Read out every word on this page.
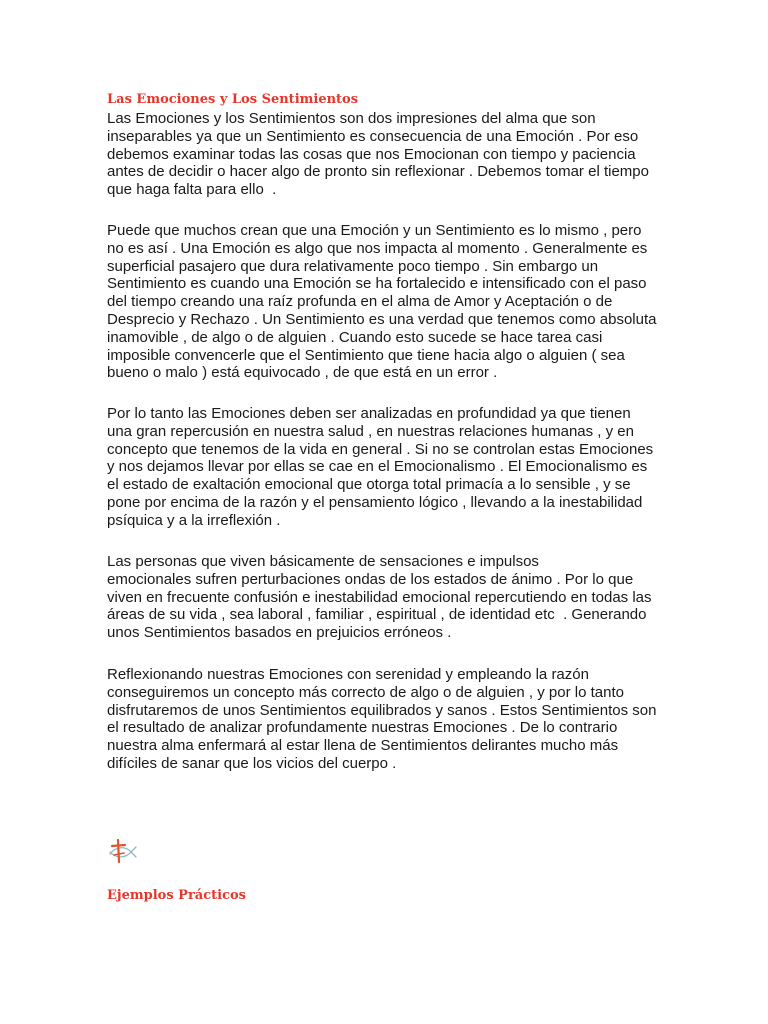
Las Emociones y Los Sentimientos
Las Emociones y los Sentimientos son dos impresiones del alma que son
inseparables ya que un Sentimiento es consecuencia de una Emoción . Por eso
debemos examinar todas las cosas que nos Emocionan con tiempo y paciencia
antes de decidir o hacer algo de pronto sin reflexionar . Debemos tomar el tiempo
que haga falta para ello  .
Puede que muchos crean que una Emoción y un Sentimiento es lo mismo , pero
no es así . Una Emoción es algo que nos impacta al momento . Generalmente es
superficial pasajero que dura relativamente poco tiempo . Sin embargo un
Sentimiento es cuando una Emoción se ha fortalecido e intensificado con el paso
del tiempo creando una raíz profunda en el alma de Amor y Aceptación o de
Desprecio y Rechazo . Un Sentimiento es una verdad que tenemos como absoluta
inamovible , de algo o de alguien . Cuando esto sucede se hace tarea casi
imposible convencerle que el Sentimiento que tiene hacia algo o alguien ( sea
bueno o malo ) está equivocado , de que está en un error .
Por lo tanto las Emociones deben ser analizadas en profundidad ya que tienen
una gran repercusión en nuestra salud , en nuestras relaciones humanas , y en
concepto que tenemos de la vida en general . Si no se controlan estas Emociones
y nos dejamos llevar por ellas se cae en el Emocionalismo . El Emocionalismo es
el estado de exaltación emocional que otorga total primacía a lo sensible , y se
pone por encima de la razón y el pensamiento lógico , llevando a la inestabilidad
psíquica y a la irreflexión .
Las personas que viven básicamente de sensaciones e impulsos
emocionales sufren perturbaciones ondas de los estados de ánimo . Por lo que
viven en frecuente confusión e inestabilidad emocional repercutiendo en todas las
áreas de su vida , sea laboral , familiar , espiritual , de identidad etc  . Generando
unos Sentimientos basados en prejuicios erróneos .
Reflexionando nuestras Emociones con serenidad y empleando la razón
conseguiremos un concepto más correcto de algo o de alguien , y por lo tanto
disfrutaremos de unos Sentimientos equilibrados y sanos . Estos Sentimientos son
el resultado de analizar profundamente nuestras Emociones . De lo contrario
nuestra alma enfermará al estar llena de Sentimientos delirantes mucho más
difíciles de sanar que los vicios del cuerpo .
Ejemplos Prácticos
